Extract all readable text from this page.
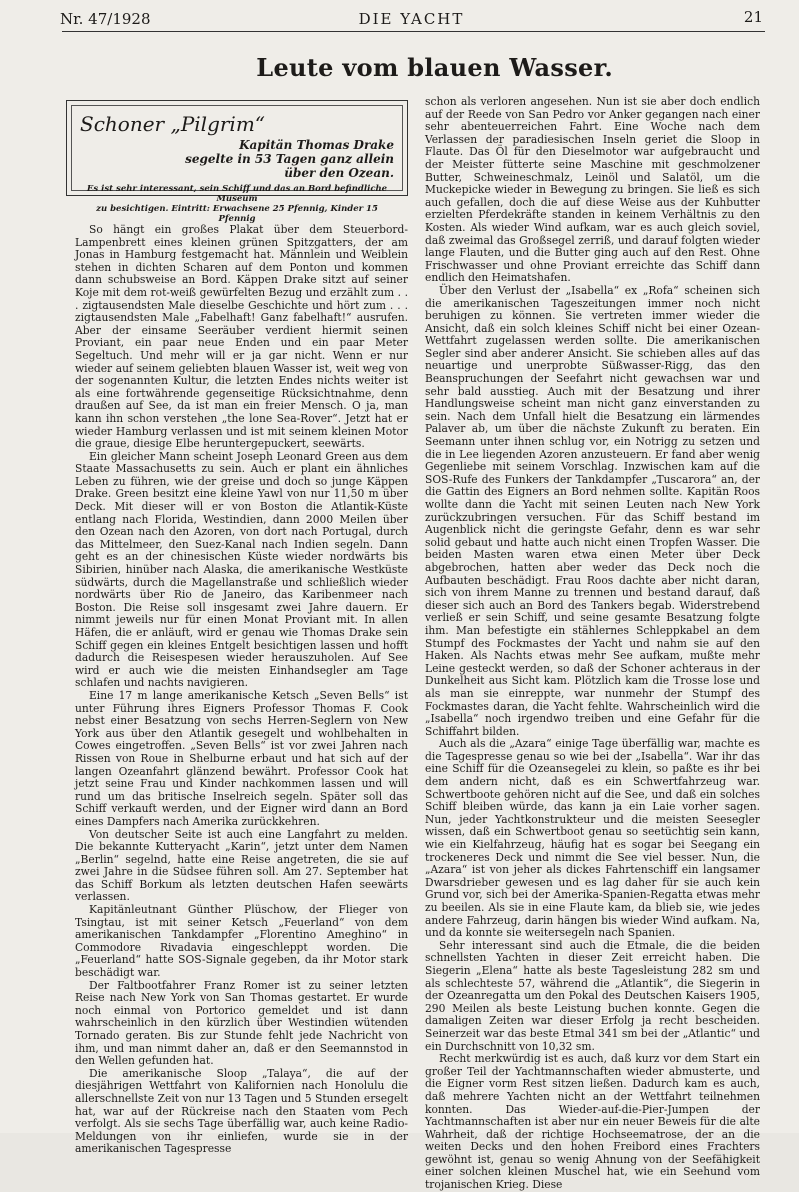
Nr. 47/1928	DIE YACHT	21
Leute vom blauen Wasser.
Schoner „Pilgrim“
Kapitän Thomas Drake
segelte in 53 Tagen ganz allein
über den Ozean.
Es ist sehr interessant, sein Schiff und das an Bord befindliche Museum
zu besichtigen. Eintritt: Erwachsene 25 Pfennig, Kinder 15 Pfennig

So hängt ein großes Plakat über dem Steuerbord-Lampenbrett eines kleinen grünen Spitzgatters, der am Jonas in Hamburg festgemacht hat. Männlein und Weiblein stehen in dichten Scharen auf dem Ponton und kommen dann schubsweise an Bord. Käppen Drake sitzt auf seiner Koje mit dem rot-weiß gewürfelten Bezug und erzählt zum . . . zigtausendsten Male dieselbe Geschichte und hört zum . . . zigtausendsten Male „Fabelhaft! Ganz fabelhaft!“ ausrufen. Aber der einsame Seeräuber verdient hiermit seinen Proviant, ein paar neue Enden und ein paar Meter Segeltuch. Und mehr will er ja gar nicht. Wenn er nur wieder auf seinem geliebten blauen Wasser ist, weit weg von der sogenannten Kultur, die letzten Endes nichts weiter ist als eine fortwährende gegenseitige Rücksichtnahme, denn draußen auf See, da ist man ein freier Mensch. O ja, man kann ihn schon verstehen „the lone Sea-Rover“. Jetzt hat er wieder Hamburg verlassen und ist mit seinem kleinen Motor die graue, diesige Elbe heruntergepuckert, seewärts.

Ein gleicher Mann scheint Joseph Leonard Green aus dem Staate Massachusetts zu sein. Auch er plant ein ähnliches Leben zu führen, wie der greise und doch so junge Käppen Drake. Green besitzt eine kleine Yawl von nur 11,50 m über Deck. Mit dieser will er von Boston die Atlantik-Küste entlang nach Florida, Westindien, dann 2000 Meilen über den Ozean nach den Azoren, von dort nach Portugal, durch das Mittelmeer, den Suez-Kanal nach Indien segeln. Dann geht es an der chinesischen Küste wieder nordwärts bis Sibirien, hinüber nach Alaska, die amerikanische Westküste südwärts, durch die Magellanstraße und schließlich wieder nordwärts über Rio de Janeiro, das Karibenmeer nach Boston. Die Reise soll insgesamt zwei Jahre dauern. Er nimmt jeweils nur für einen Monat Proviant mit. In allen Häfen, die er anläuft, wird er genau wie Thomas Drake sein Schiff gegen ein kleines Entgelt besichtigen lassen und hofft dadurch die Reisespesen wieder herauszuholen. Auf See wird er auch wie die meisten Einhandsegler am Tage schlafen und nachts navigieren.

Eine 17 m lange amerikanische Ketsch „Seven Bells“ ist unter Führung ihres Eigners Professor Thomas F. Cook nebst einer Besatzung von sechs Herren-Seglern von New York aus über den Atlantik gesegelt und wohlbehalten in Cowes eingetroffen. „Seven Bells“ ist vor zwei Jahren nach Rissen von Roue in Shelburne erbaut und hat sich auf der langen Ozeanfahrt glänzend bewährt. Professor Cook hat jetzt seine Frau und Kinder nachkommen lassen und will rund um das britische Inselreich segeln. Später soll das Schiff verkauft werden, und der Eigner wird dann an Bord eines Dampfers nach Amerika zurückkehren.

Von deutscher Seite ist auch eine Langfahrt zu melden. Die bekannte Kutteryacht „Karin“, jetzt unter dem Namen „Berlin“ segelnd, hatte eine Reise angetreten, die sie auf zwei Jahre in die Südsee führen soll. Am 27. September hat das Schiff Borkum als letzten deutschen Hafen seewärts verlassen.

Kapitänleutnant Günther Plüschow, der Flieger von Tsingtau, ist mit seiner Ketsch „Feuerland“ von dem amerikanischen Tankdampfer „Florentino Ameghino“ in Commodore Rivadavia eingeschleppt worden. Die „Feuerland“ hatte SOS-Signale gegeben, da ihr Motor stark beschädigt war.

Der Faltbootfahrer Franz Romer ist zu seiner letzten Reise nach New York von San Thomas gestartet. Er wurde noch einmal von Portorico gemeldet und ist dann wahrscheinlich in den kürzlich über Westindien wütenden Tornado geraten. Bis zur Stunde fehlt jede Nachricht von ihm, und man nimmt daher an, daß er den Seemannstod in den Wellen gefunden hat.

Die amerikanische Sloop „Talaya“, die auf der diesjährigen Wettfahrt von Kalifornien nach Honolulu die allerschnellste Zeit von nur 13 Tagen und 5 Stunden ersegelt hat, war auf der Rückreise nach den Staaten vom Pech verfolgt. Als sie sechs Tage überfällig war, auch keine Radio-Meldungen von ihr einliefen, wurde sie in der amerikanischen Tagespresse

schon als verloren angesehen. Nun ist sie aber doch endlich auf der Reede von San Pedro vor Anker gegangen nach einer sehr abenteuerreichen Fahrt. Eine Woche nach dem Verlassen der paradiesischen Inseln geriet die Sloop in Flaute. Das Öl für den Dieselmotor war aufgebraucht und der Meister fütterte seine Maschine mit geschmolzener Butter, Schweineschmalz, Leinöl und Salatöl, um die Muckepicke wieder in Bewegung zu bringen. Sie ließ es sich auch gefallen, doch die auf diese Weise aus der Kuhbutter erzielten Pferdekräfte standen in keinem Verhältnis zu den Kosten. Als wieder Wind aufkam, war es auch gleich soviel, daß zweimal das Großsegel zerriß, und darauf folgten wieder lange Flauten, und die Butter ging auch auf den Rest. Ohne Frischwasser und ohne Proviant erreichte das Schiff dann endlich den Heimatshafen.

Über den Verlust der „Isabella“ ex „Rofa“ scheinen sich die amerikanischen Tageszeitungen immer noch nicht beruhigen zu können. Sie vertreten immer wieder die Ansicht, daß ein solch kleines Schiff nicht bei einer Ozean-Wettfahrt zugelassen werden sollte. Die amerikanischen Segler sind aber anderer Ansicht. Sie schieben alles auf das neuartige und unerprobte Süßwasser-Rigg, das den Beanspruchungen der Seefahrt nicht gewachsen war und sehr bald ausstieg. Auch mit der Besatzung und ihrer Handlungsweise scheint man nicht ganz einverstanden zu sein. Nach dem Unfall hielt die Besatzung ein lärmendes Palaver ab, um über die nächste Zukunft zu beraten. Ein Seemann unter ihnen schlug vor, ein Notrigg zu setzen und die in Lee liegenden Azoren anzusteuern. Er fand aber wenig Gegenliebe mit seinem Vorschlag. Inzwischen kam auf die SOS-Rufe des Funkers der Tankdampfer „Tuscarora“ an, der die Gattin des Eigners an Bord nehmen sollte. Kapitän Roos wollte dann die Yacht mit seinen Leuten nach New York zurückzubringen versuchen. Für das Schiff bestand im Augenblick nicht die geringste Gefahr, denn es war sehr solid gebaut und hatte auch nicht einen Tropfen Wasser. Die beiden Masten waren etwa einen Meter über Deck abgebrochen, hatten aber weder das Deck noch die Aufbauten beschädigt. Frau Roos dachte aber nicht daran, sich von ihrem Manne zu trennen und bestand darauf, daß dieser sich auch an Bord des Tankers begab. Widerstrebend verließ er sein Schiff, und seine gesamte Besatzung folgte ihm. Man befestigte ein stählernes Schleppkabel an dem Stumpf des Fockmastes der Yacht und nahm sie auf den Haken. Als Nachts etwas mehr See aufkam, mußte mehr Leine gesteckt werden, so daß der Schoner achteraus in der Dunkelheit aus Sicht kam. Plötzlich kam die Trosse lose und als man sie einreppte, war nunmehr der Stumpf des Fockmastes daran, die Yacht fehlte. Wahrscheinlich wird die „Isabella“ noch irgendwo treiben und eine Gefahr für die Schiffahrt bilden.

Auch als die „Azara“ einige Tage überfällig war, machte es die Tagespresse genau so wie bei der „Isabella“. War ihr das eine Schiff für die Ozeansegelei zu klein, so paßte es ihr bei dem andern nicht, daß es ein Schwertfahrzeug war. Schwertboote gehören nicht auf die See, und daß ein solches Schiff bleiben würde, das kann ja ein Laie vorher sagen. Nun, jeder Yachtkonstrukteur und die meisten Seesegler wissen, daß ein Schwertboot genau so seetüchtig sein kann, wie ein Kielfahrzeug, häufig hat es sogar bei Seegang ein trockeneres Deck und nimmt die See viel besser. Nun, die „Azara“ ist von jeher als dickes Fahrtenschiff ein langsamer Dwarsdrieber gewesen und es lag daher für sie auch kein Grund vor, sich bei der Amerika-Spanien-Regatta etwas mehr zu beeilen. Als sie in eine Flaute kam, da blieb sie, wie jedes andere Fahrzeug, darin hängen bis wieder Wind aufkam. Na, und da konnte sie weitersegeln nach Spanien.

Sehr interessant sind auch die Etmale, die die beiden schnellsten Yachten in dieser Zeit erreicht haben. Die Siegerin „Elena“ hatte als beste Tagesleistung 282 sm und als schlechteste 57, während die „Atlantik“, die Siegerin in der Ozeanregatta um den Pokal des Deutschen Kaisers 1905, 290 Meilen als beste Leistung buchen konnte. Gegen die damaligen Zeiten war dieser Erfolg ja recht bescheiden. Seinerzeit war das beste Etmal 341 sm bei der „Atlantic“ und ein Durchschnitt von 10,32 sm.

Recht merkwürdig ist es auch, daß kurz vor dem Start ein großer Teil der Yachtmannschaften wieder abmusterte, und die Eigner vorm Rest sitzen ließen. Dadurch kam es auch, daß mehrere Yachten nicht an der Wettfahrt teilnehmen konnten. Das Wieder-auf-die-Pier-Jumpen der Yachtmannschaften ist aber nur ein neuer Beweis für die alte Wahrheit, daß der richtige Hochseematrose, der an die weiten Decks und den hohen Freibord eines Frachters gewöhnt ist, genau so wenig Ahnung von der Seefähigkeit einer solchen kleinen Muschel hat, wie ein Seehund vom trojanischen Krieg. Diese
